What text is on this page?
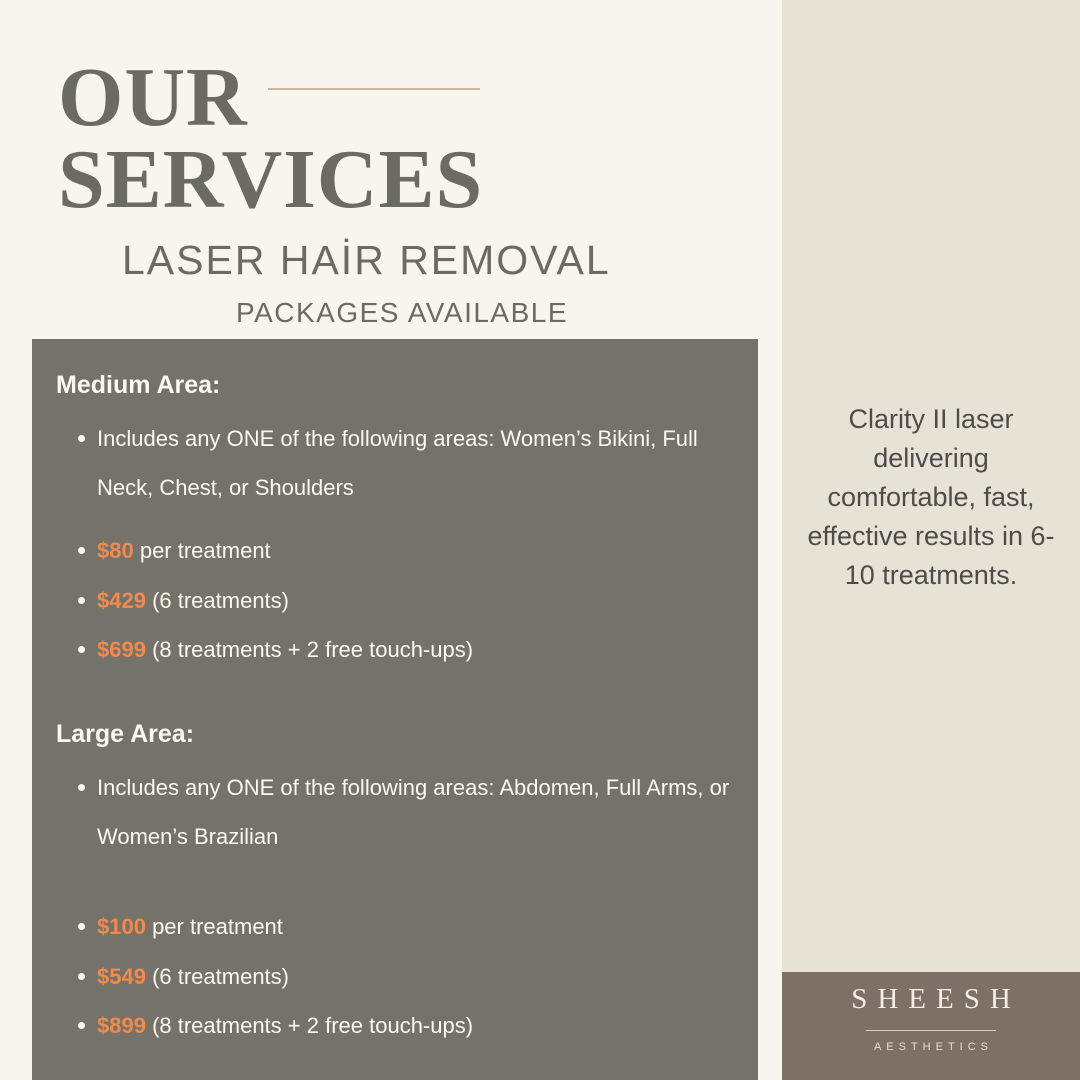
OUR
SERVICES
LASER HAİR REMOVAL
PACKAGES AVAILABLE
Medium Area:
Includes any ONE of the following areas: Women’s Bikini, Full Neck, Chest, or Shoulders
$80 per treatment
$429 (6 treatments)
$699 (8 treatments + 2 free touch-ups)
Large Area:
Includes any ONE of the following areas: Abdomen, Full Arms, or Women’s Brazilian
$100 per treatment
$549 (6 treatments)
$899 (8 treatments + 2 free touch-ups)
Clarity II laser delivering comfortable, fast, effective results in 6-10 treatments.
SHEESH
AESTHETICS
